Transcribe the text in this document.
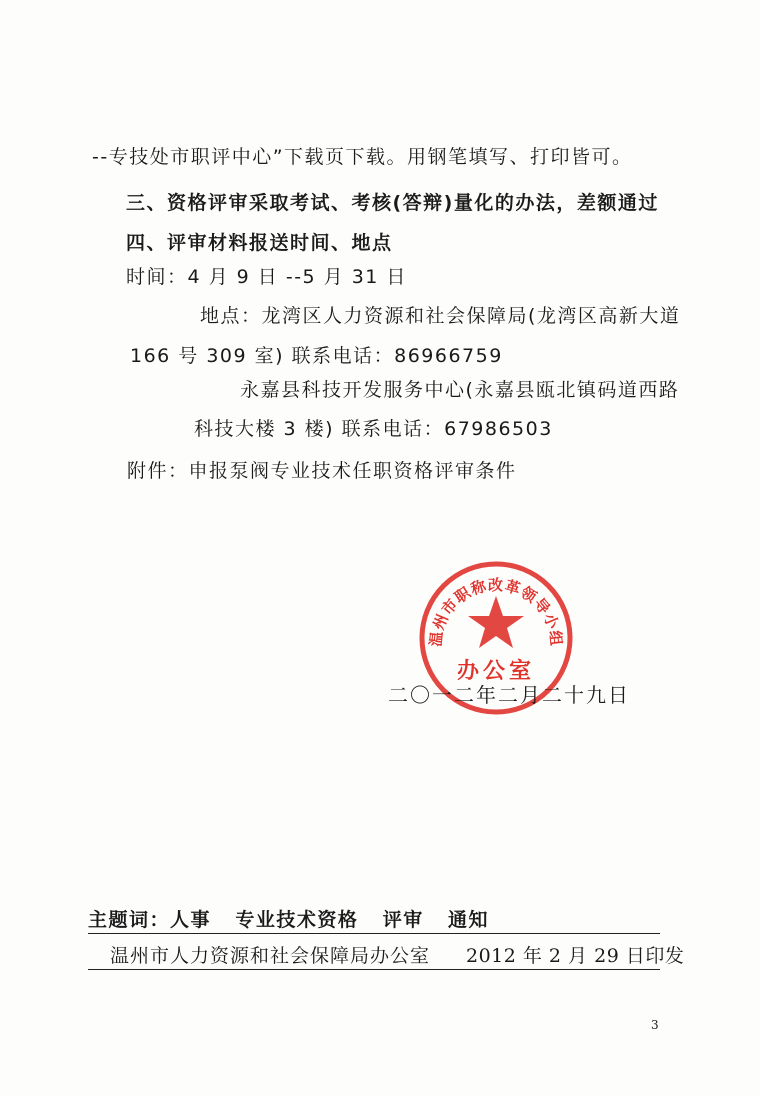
--专技处市职评中心”下载页下载。用钢笔填写、打印皆可。
三、资格评审采取考试、考核(答辩)量化的办法，差额通过
四、评审材料报送时间、地点
时间：4 月 9 日 --5 月 31 日
地点：龙湾区人力资源和社会保障局(龙湾区高新大道
166 号 309 室) 联系电话：86966759
永嘉县科技开发服务中心(永嘉县瓯北镇码道西路
科技大楼 3 楼) 联系电话：67986503
附件：申报泵阀专业技术任职资格评审条件
温州市职称改革领导小组
办公室
二〇一二年二月二十九日
主题词：人事   专业技术资格   评审   通知
温州市人力资源和社会保障局办公室 2012 年 2 月 29 日印发
3
